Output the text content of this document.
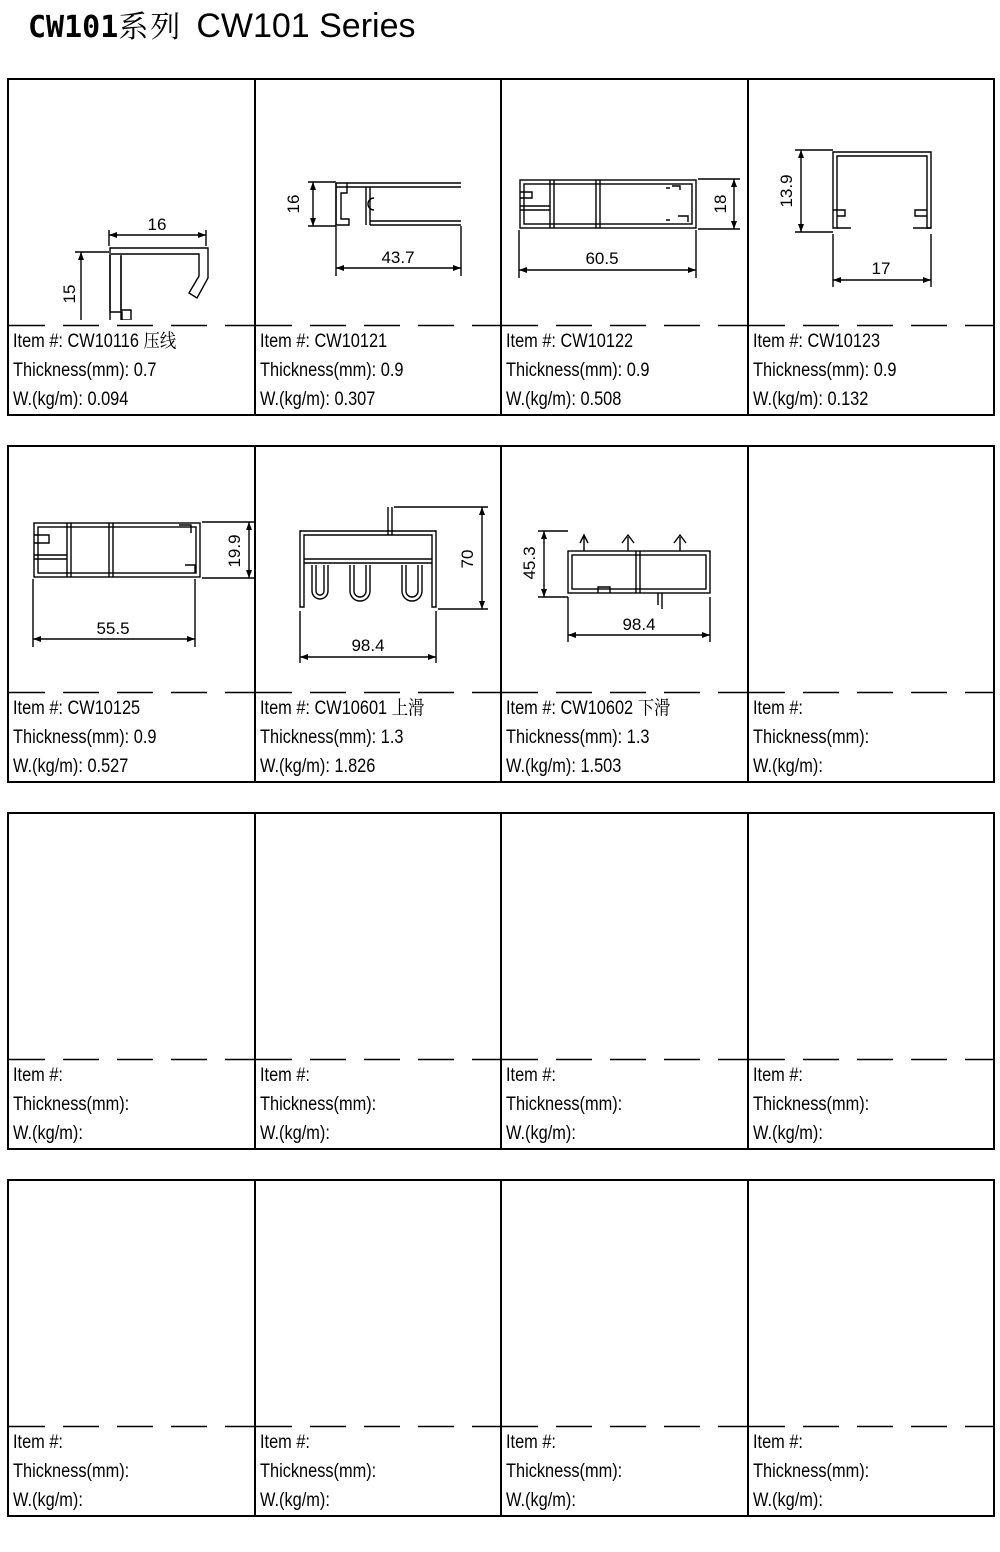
CW101系列 CW101 Series
16
15
Item #: CW10116 压线
Thickness(mm): 0.7
W.(kg/m): 0.094
16
43.7
Item #: CW10121
Thickness(mm): 0.9
W.(kg/m): 0.307
60.5
18
Item #: CW10122
Thickness(mm): 0.9
W.(kg/m): 0.508
13.9
17
Item #: CW10123
Thickness(mm): 0.9
W.(kg/m): 0.132
55.5
19.9
Item #: CW10125
Thickness(mm): 0.9
W.(kg/m): 0.527
70
98.4
Item #: CW10601 上滑
Thickness(mm): 1.3
W.(kg/m): 1.826
45.3
98.4
Item #: CW10602 下滑
Thickness(mm): 1.3
W.(kg/m): 1.503
Item #:
Thickness(mm):
W.(kg/m):
Item #:
Thickness(mm):
W.(kg/m):
Item #:
Thickness(mm):
W.(kg/m):
Item #:
Thickness(mm):
W.(kg/m):
Item #:
Thickness(mm):
W.(kg/m):
Item #:
Thickness(mm):
W.(kg/m):
Item #:
Thickness(mm):
W.(kg/m):
Item #:
Thickness(mm):
W.(kg/m):
Item #:
Thickness(mm):
W.(kg/m):
